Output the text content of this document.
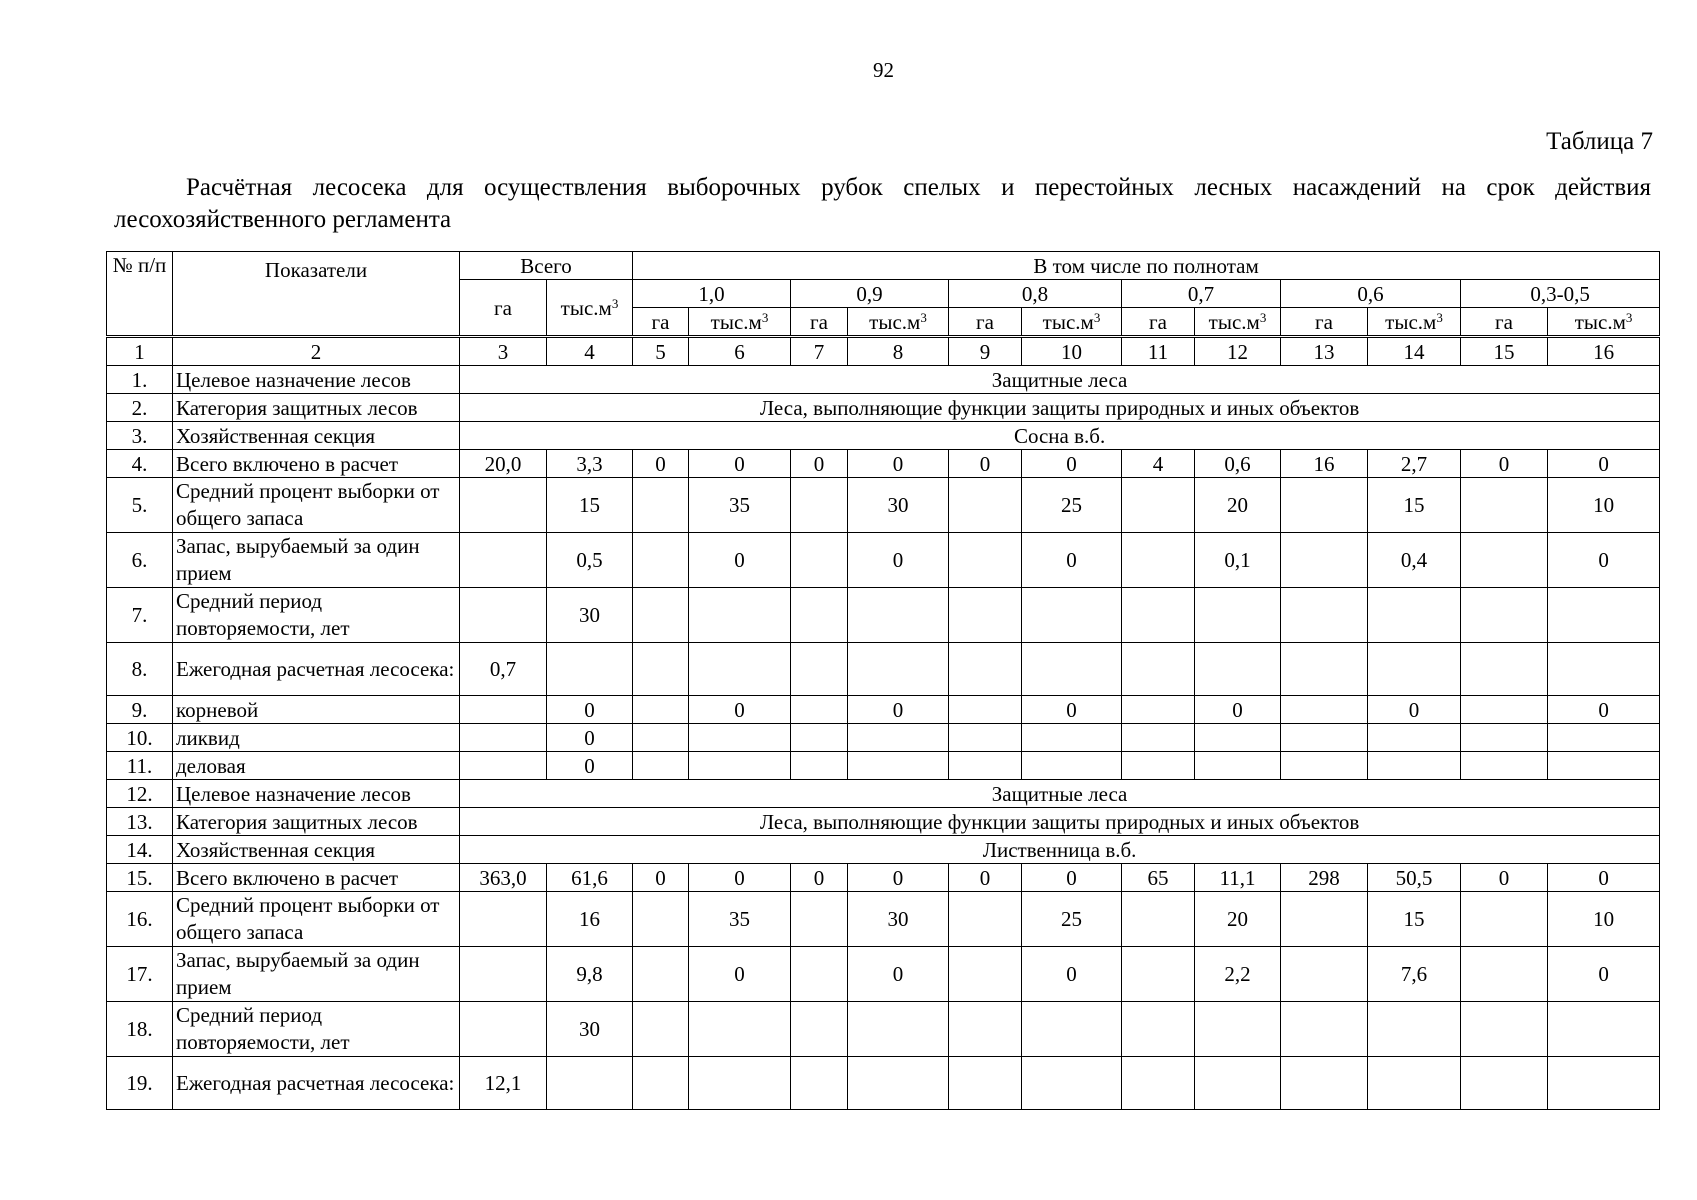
92
Таблица 7
Расчётная лесосека для осуществления выборочных рубок спелых и перестойных лесных насаждений на срок действия лесохозяйственного регламента
№ п/п	Показатели	Всего		В том числе по полнотам											
		га	$тыс.м^3$	1,0		0,9		0,8		0,7		0,6		0,3-0,5	
				га	$тыс.м^3$	га	$тыс.м^3$	га	$тыс.м^3$	га	$тыс.м^3$	га	$тыс.м^3$	га	$тыс.м^3$
1	2	3	4	5	6	7	8	9	10	11	12	13	14	15	16
1.	Целевое назначение лесов	Защитные леса													
2.	Категория защитных лесов	Леса, выполняющие функции защиты природных и иных объектов													
3.	Хозяйственная секция	Сосна в.б.													
4.	Всего включено в расчет	20,0	3,3	0	0	0	0	0	0	4	0,6	16	2,7	0	0
5.	Средний процент выборки от общего запаса		15		35		30		25		20		15		10
6.	Запас, вырубаемый за один прием		0,5		0		0		0		0,1		0,4		0
7.	Средний период повторяемости, лет		30												
8.	Ежегодная расчетная лесосека:	0,7													
9.	корневой		0		0		0		0		0		0		0
10.	ликвид		0												
11.	деловая		0												
12.	Целевое назначение лесов	Защитные леса													
13.	Категория защитных лесов	Леса, выполняющие функции защиты природных и иных объектов													
14.	Хозяйственная секция	Лиственница в.б.													
15.	Всего включено в расчет	363,0	61,6	0	0	0	0	0	0	65	11,1	298	50,5	0	0
16.	Средний процент выборки от общего запаса		16		35		30		25		20		15		10
17.	Запас, вырубаемый за один прием		9,8		0		0		0		2,2		7,6		0
18.	Средний период повторяемости, лет		30												
19.	Ежегодная расчетная лесосека:	12,1													
